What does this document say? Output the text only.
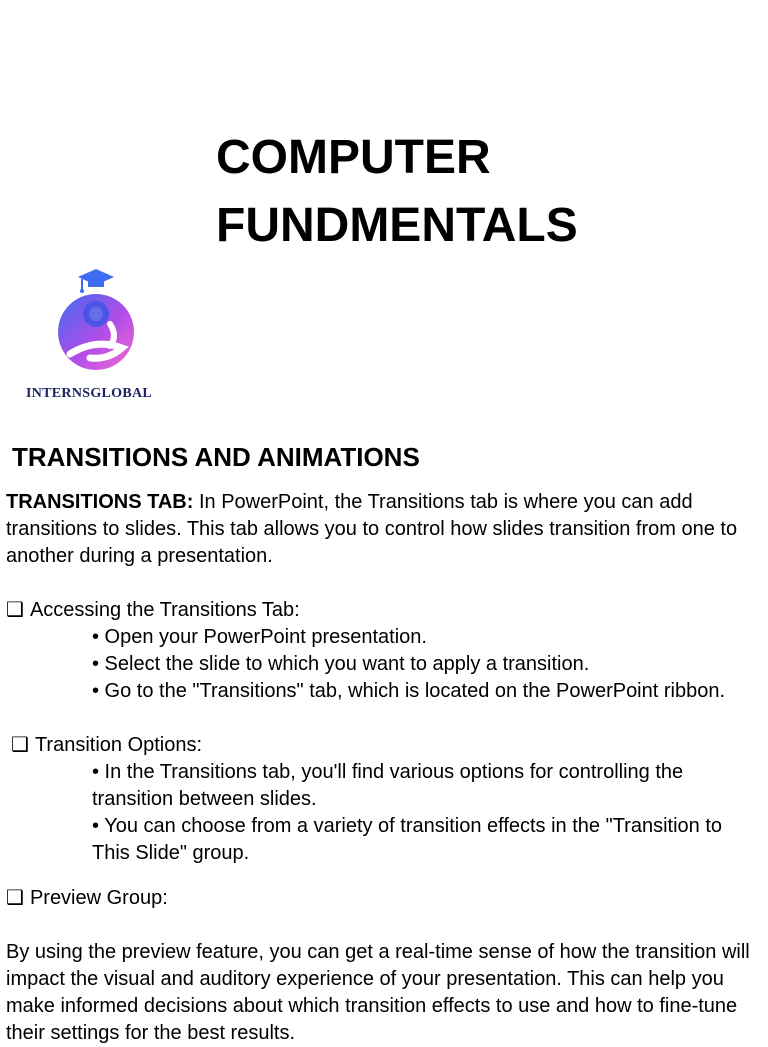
COMPUTER
FUNDMENTALS
INTERNSGLOBAL
TRANSITIONS AND ANIMATIONS

TRANSITIONS TAB: In PowerPoint, the Transitions tab is where you can add transitions to slides. This tab allows you to control how slides transition from one to another during a presentation.

❑ Accessing the Transitions Tab:

• Open your PowerPoint presentation.
• Select the slide to which you want to apply a transition.
• Go to the "Transitions" tab, which is located on the PowerPoint ribbon.

❑ Transition Options:

• In the Transitions tab, you'll find various options for controlling the transition between slides.
• You can choose from a variety of transition effects in the "Transition to This Slide" group.

❑ Preview Group:

By using the preview feature, you can get a real-time sense of how the transition will impact the visual and auditory experience of your presentation. This can help you make informed decisions about which transition effects to use and how to fine-tune their settings for the best results.
